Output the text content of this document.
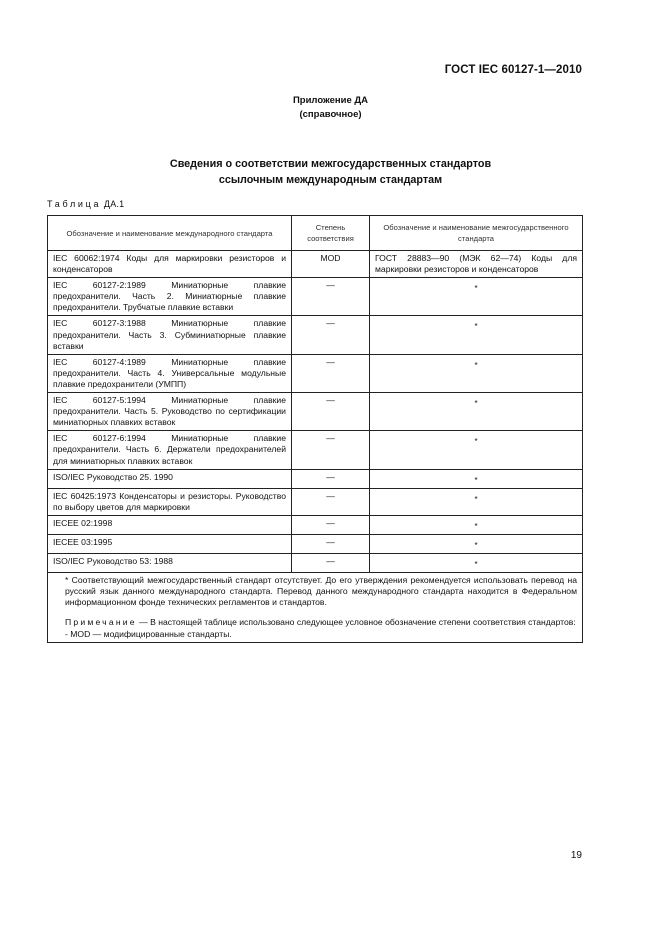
ГОСТ IEC 60127-1—2010
Приложение ДА
(справочное)
Сведения о соответствии межгосударственных стандартов
ссылочным международным стандартам
Таблица ДА.1
Обозначение и наименование международного стандарта	Степень соответствия	Обозначение и наименование межгосударственного стандарта
IEC 60062:1974 Коды для маркировки резисторов и конденсаторов	MOD	ГОСТ 28883—90 (МЭК 62—74) Коды для маркировки резисторов и конденсаторов
IEC 60127-2:1989 Миниатюрные плавкие предохранители. Часть 2. Миниатюрные плавкие предохранители. Трубчатые плавкие вставки	—	*

IEC 60127-3:1988 Миниатюрные плавкие предохранители. Часть 3. Субминиатюрные плавкие вставки	—	*

IEC 60127-4:1989 Миниатюрные плавкие предохранители. Часть 4. Универсальные модульные плавкие предохранители (УМПП)	—	*

IEC 60127-5:1994 Миниатюрные плавкие предохранители. Часть 5. Руководство по сертификации миниатюрных плавких вставок	—	*

IEC 60127-6:1994 Миниатюрные плавкие предохранители. Часть 6. Держатели предохранителей для миниатюрных плавких вставок	—	*

ISO/IEC Руководство 25. 1990	—	*

IEC 60425:1973 Конденсаторы и резисторы. Руководство по выбору цветов для маркировки	—	*

IECEE 02:1998	—	*

IECEE 03:1995	—	*

ISO/IEC Руководство 53: 1988	—	*

* Соответствующий межгосударственный стандарт отсутствует. До его утверждения рекомендуется использовать перевод на русский язык данного международного стандарта. Перевод данного международного стандарта находится в Федеральном информационном фонде технических регламентов и стандартов.

Примечание — В настоящей таблице использовано следующее условное обозначение степени соответствия стандартов:

- MOD — модифицированные стандарты.		

19
